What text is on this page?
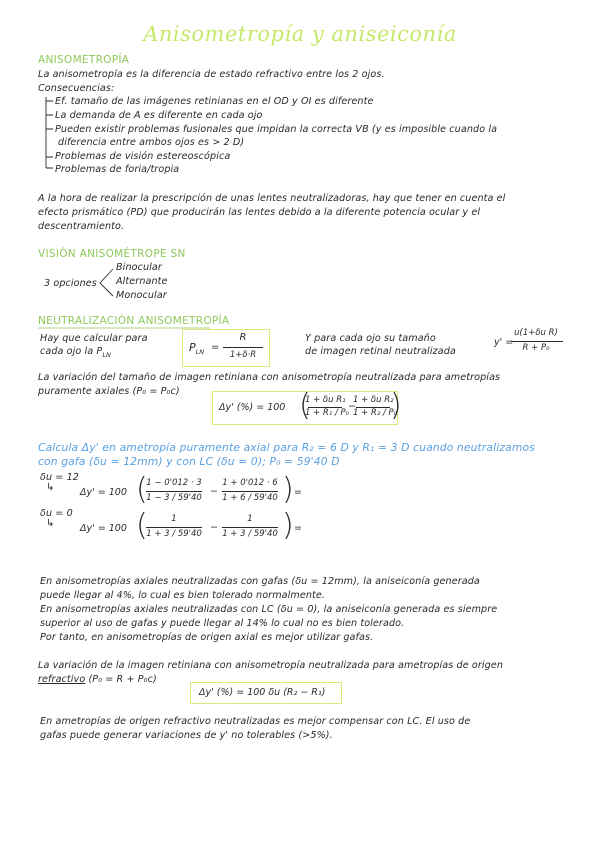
Anisometropía y aniseiconía
ANISOMETROPÍA
La anisometropía es la diferencia de estado refractivo entre los 2 ojos.
Consecuencias:
Ef. tamaño de las imágenes retinianas en el OD y OI es diferente
La demanda de A es diferente en cada ojo
Pueden existir problemas fusionales que impidan la correcta VB (y es imposible cuando la
diferencia entre ambos ojos es > 2 D)
Problemas de visión estereoscópica
Problemas de foria/tropia
A la hora de realizar la prescripción de unas lentes neutralizadoras, hay que tener en cuenta el
efecto prismático (PD) que producirán las lentes debido a la diferente potencia ocular y el
descentramiento.
VISIÓN ANISOMÉTROPE SN
3 opciones
Binocular
Alternante
Monocular
NEUTRALIZACIÓN ANISOMETROPÍA
Hay que calcular para
cada ojo la $P_{LN}$
$P_{LN}$ =
R
1+δ·R
Y para cada ojo su tamaño
de imagen retinal neutralizada
y' =
u(1+δu R)
R + P₀
La variación del tamaño de imagen retiniana con anisometropía neutralizada para ametropías
puramente axiales (P₀ = P₀c)
Δy' (%) = 100 (
1 + δu R₁
1 + R₁ / P₀
−
1 + δu R₂
1 + R₂ / P₀
)
Calcula Δy' en ametropía puramente axial para R₂ = 6 D y R₁ = 3 D cuando neutralizamos
con gafa (δu = 12mm) y con LC (δu = 0); P₀ = 59'40 D
δu = 12
↳	Δy' = 100 (
1 − 0'012 · 3
1 − 3 / 59'40
−
1 + 0'012 · 6
1 + 6 / 59'40 ) =
δu = 0
↳	Δy' = 100 (	1
1 + 3 / 59'40
−
1
1 + 3 / 59'40 ) =
En anisometropías axiales neutralizadas con gafas (δu = 12mm), la aniseiconía generada
puede llegar al 4%, lo cual es bien tolerado normalmente.
En anisometropías axiales neutralizadas con LC (δu = 0), la aniseiconía generada es siempre
superior al uso de gafas y puede llegar al 14% lo cual no es bien tolerado.
Por tanto, en anisometropías de origen axial es mejor utilizar gafas.
La variación de la imagen retiniana con anisometropía neutralizada para ametropías de origen
refractivo (P₀ = R + P₀c)
Δy' (%) = 100 δu (R₂ − R₁)
En ametropías de origen refractivo neutralizadas es mejor compensar con LC. El uso de
gafas puede generar variaciones de y' no tolerables (>5%).
